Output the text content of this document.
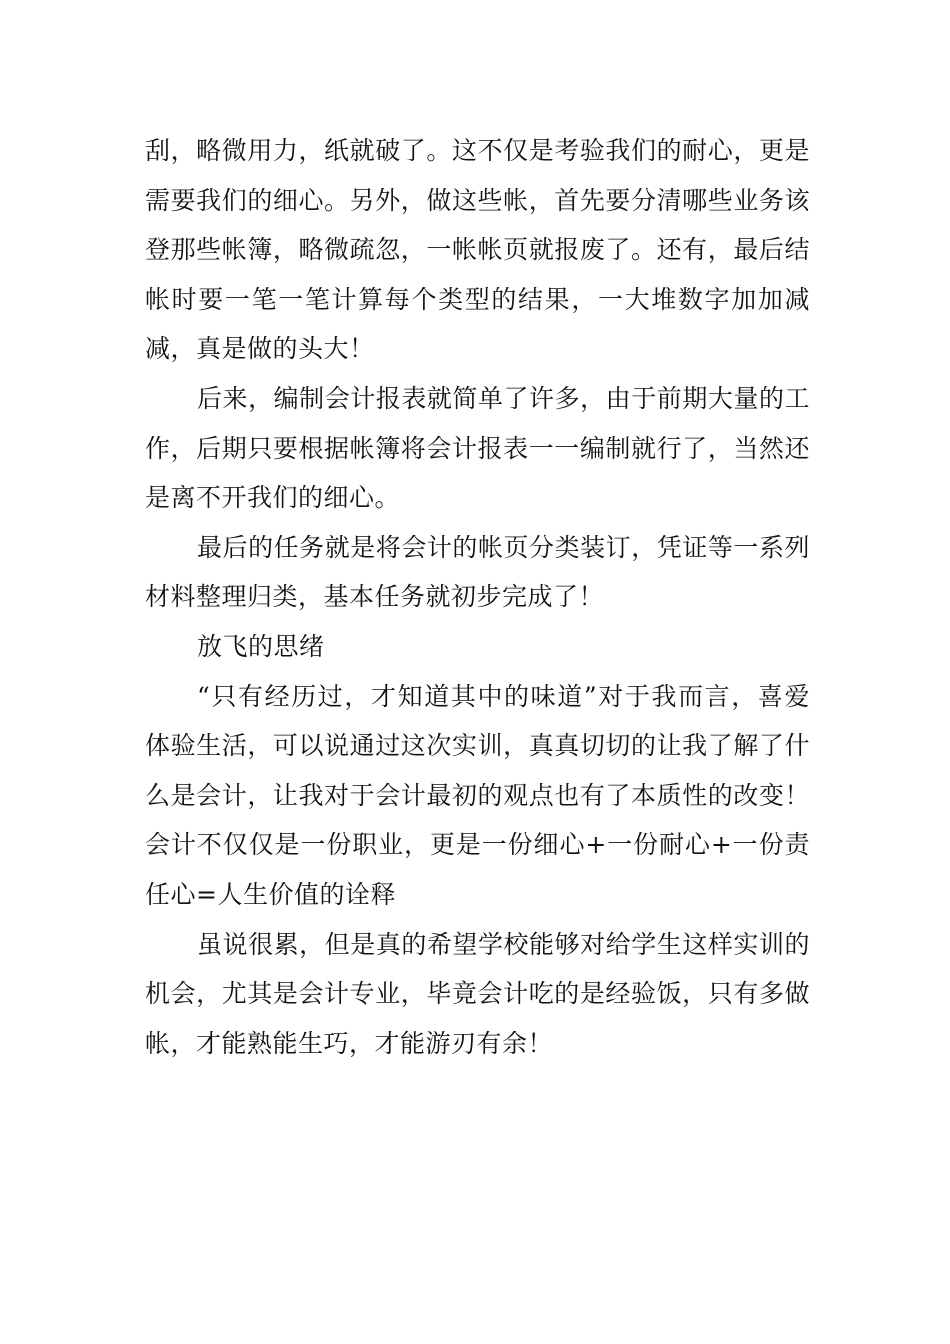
刮，略微用力，纸就破了。这不仅是考验我们的耐心，更是需要我们的细心。另外，做这些帐，首先要分清哪些业务该登那些帐簿，略微疏忽，一帐帐页就报废了。还有，最后结帐时要一笔一笔计算每个类型的结果，一大堆数字加加减减，真是做的头大！

后来，编制会计报表就简单了许多，由于前期大量的工作，后期只要根据帐簿将会计报表一一编制就行了，当然还是离不开我们的细心。

最后的任务就是将会计的帐页分类装订，凭证等一系列材料整理归类，基本任务就初步完成了！

放飞的思绪

“只有经历过，才知道其中的味道”对于我而言，喜爱体验生活，可以说通过这次实训，真真切切的让我了解了什么是会计，让我对于会计最初的观点也有了本质性的改变！会计不仅仅是一份职业，更是一份细心+一份耐心+一份责任心=人生价值的诠释

虽说很累，但是真的希望学校能够对给学生这样实训的机会，尤其是会计专业，毕竟会计吃的是经验饭，只有多做帐，才能熟能生巧，才能游刃有余！
